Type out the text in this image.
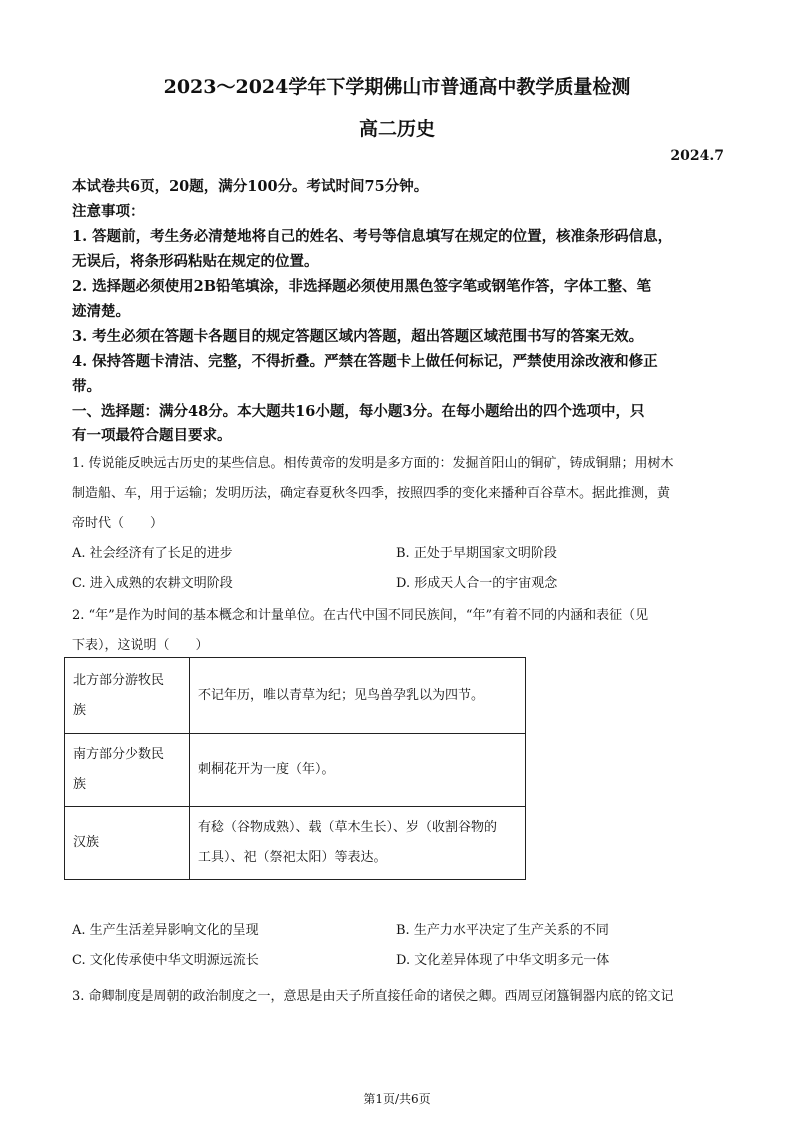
2023～2024学年下学期佛山市普通高中教学质量检测
高二历史
2024.7
本试卷共6页，20题，满分100分。考试时间75分钟。
注意事项：
1. 答题前，考生务必清楚地将自己的姓名、考号等信息填写在规定的位置，核准条形码信息，
无误后，将条形码粘贴在规定的位置。
2. 选择题必须使用2B铅笔填涂，非选择题必须使用黑色签字笔或钢笔作答，字体工整、笔
迹清楚。
3. 考生必须在答题卡各题目的规定答题区域内答题，超出答题区域范围书写的答案无效。
4. 保持答题卡清洁、完整，不得折叠。严禁在答题卡上做任何标记，严禁使用涂改液和修正
带。
一、选择题：满分48分。本大题共16小题，每小题3分。在每小题给出的四个选项中，只
有一项最符合题目要求。
1. 传说能反映远古历史的某些信息。相传黄帝的发明是多方面的：发掘首阳山的铜矿，铸成铜鼎；用树木
制造船、车，用于运输；发明历法，确定春夏秋冬四季，按照四季的变化来播种百谷草木。据此推测，黄
帝时代（　　）
A. 社会经济有了长足的进步	B. 正处于早期国家文明阶段
C. 进入成熟的农耕文明阶段	D. 形成天人合一的宇宙观念
2. “年”是作为时间的基本概念和计量单位。在古代中国不同民族间，“年”有着不同的内涵和表征（见
下表），这说明（　　）
北方部分游牧民
族	不记年历，唯以青草为纪；见鸟兽孕乳以为四节。

南方部分少数民
族	刺桐花开为一度（年）。

汉族	有稔（谷物成熟）、载（草木生长）、岁（收割谷物的
工具）、祀（祭祀太阳）等表达。
A. 生产生活差异影响文化的呈现	B. 生产力水平决定了生产关系的不同
C. 文化传承使中华文明源远流长	D. 文化差异体现了中华文明多元一体
3. 命卿制度是周朝的政治制度之一，意思是由天子所直接任命的诸侯之卿。西周豆闭簋铜器内底的铭文记
第1页/共6页
